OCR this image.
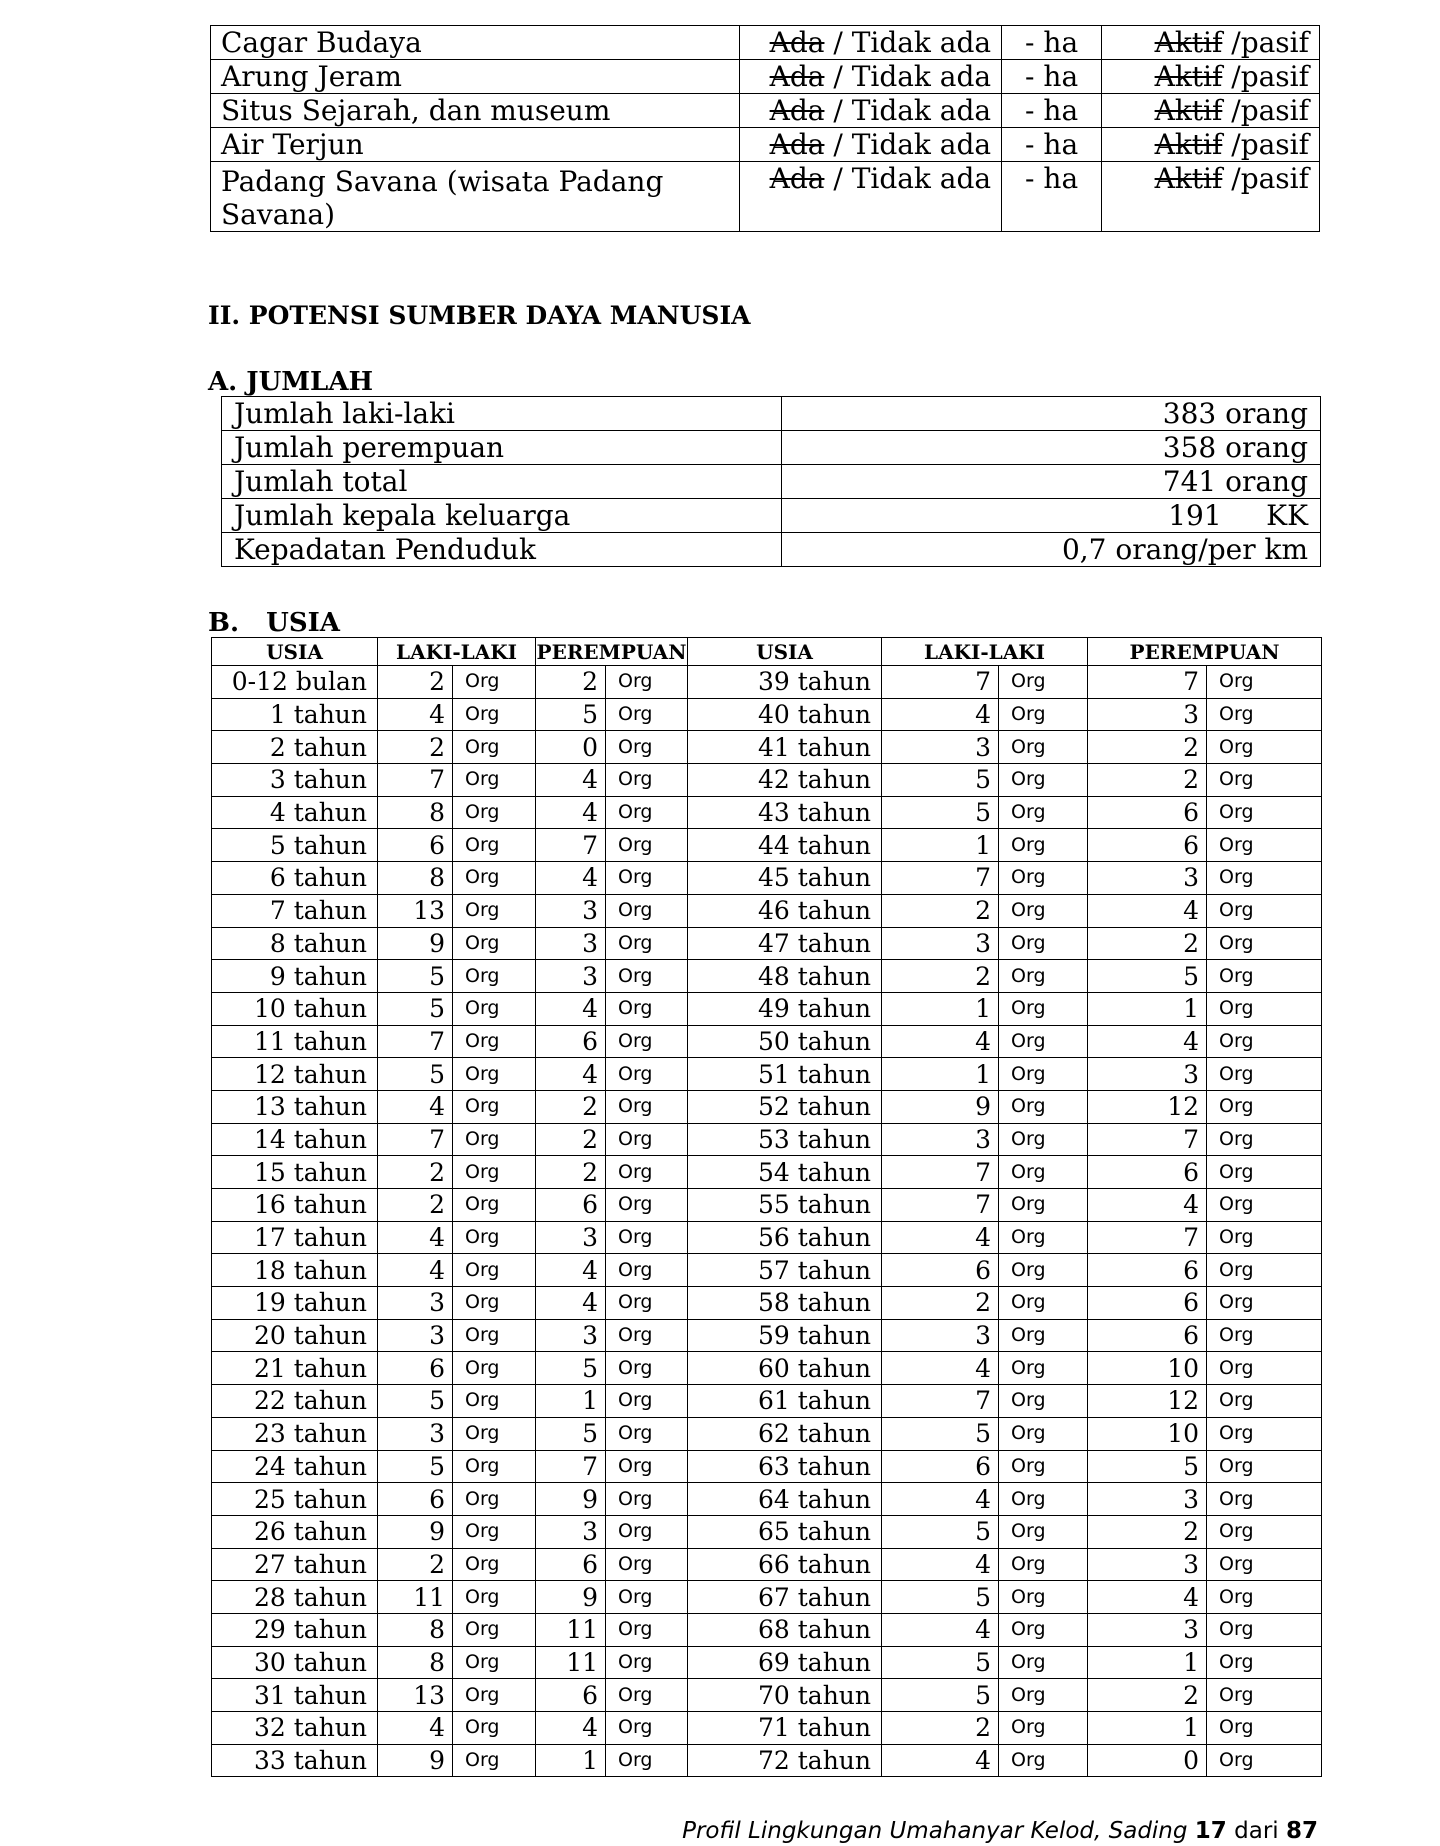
Cagar Budaya	Ada / Tidak ada	- ha	Aktif /pasif
Arung Jeram	Ada / Tidak ada	- ha	Aktif /pasif
Situs Sejarah, dan museum	Ada / Tidak ada	- ha	Aktif /pasif
Air Terjun	Ada / Tidak ada	- ha	Aktif /pasif
Padang Savana (wisata Padang Savana)	Ada / Tidak ada	- ha	Aktif /pasif
II. POTENSI SUMBER DAYA MANUSIA
A. JUMLAH
Jumlah laki-laki	383 orang
Jumlah perempuan	358 orang
Jumlah total	741 orang
Jumlah kepala keluarga	191     KK
Kepadatan Penduduk	0,7 orang/per km
B.   USIA
USIA	LAKI-LAKI		PEREMPUAN		USIA	LAKI-LAKI		PEREMPUAN	
0-12 bulan	2	Org	2	Org	39 tahun	7	Org	7	Org
1 tahun	4	Org	5	Org	40 tahun	4	Org	3	Org
2 tahun	2	Org	0	Org	41 tahun	3	Org	2	Org
3 tahun	7	Org	4	Org	42 tahun	5	Org	2	Org
4 tahun	8	Org	4	Org	43 tahun	5	Org	6	Org
5 tahun	6	Org	7	Org	44 tahun	1	Org	6	Org
6 tahun	8	Org	4	Org	45 tahun	7	Org	3	Org
7 tahun	13	Org	3	Org	46 tahun	2	Org	4	Org
8 tahun	9	Org	3	Org	47 tahun	3	Org	2	Org
9 tahun	5	Org	3	Org	48 tahun	2	Org	5	Org
10 tahun	5	Org	4	Org	49 tahun	1	Org	1	Org
11 tahun	7	Org	6	Org	50 tahun	4	Org	4	Org
12 tahun	5	Org	4	Org	51 tahun	1	Org	3	Org
13 tahun	4	Org	2	Org	52 tahun	9	Org	12	Org
14 tahun	7	Org	2	Org	53 tahun	3	Org	7	Org
15 tahun	2	Org	2	Org	54 tahun	7	Org	6	Org
16 tahun	2	Org	6	Org	55 tahun	7	Org	4	Org
17 tahun	4	Org	3	Org	56 tahun	4	Org	7	Org
18 tahun	4	Org	4	Org	57 tahun	6	Org	6	Org
19 tahun	3	Org	4	Org	58 tahun	2	Org	6	Org
20 tahun	3	Org	3	Org	59 tahun	3	Org	6	Org
21 tahun	6	Org	5	Org	60 tahun	4	Org	10	Org
22 tahun	5	Org	1	Org	61 tahun	7	Org	12	Org
23 tahun	3	Org	5	Org	62 tahun	5	Org	10	Org
24 tahun	5	Org	7	Org	63 tahun	6	Org	5	Org
25 tahun	6	Org	9	Org	64 tahun	4	Org	3	Org
26 tahun	9	Org	3	Org	65 tahun	5	Org	2	Org
27 tahun	2	Org	6	Org	66 tahun	4	Org	3	Org
28 tahun	11	Org	9	Org	67 tahun	5	Org	4	Org
29 tahun	8	Org	11	Org	68 tahun	4	Org	3	Org
30 tahun	8	Org	11	Org	69 tahun	5	Org	1	Org
31 tahun	13	Org	6	Org	70 tahun	5	Org	2	Org
32 tahun	4	Org	4	Org	71 tahun	2	Org	1	Org
33 tahun	9	Org	1	Org	72 tahun	4	Org	0	Org
Profil Lingkungan Umahanyar Kelod, Sading 17 dari 87
